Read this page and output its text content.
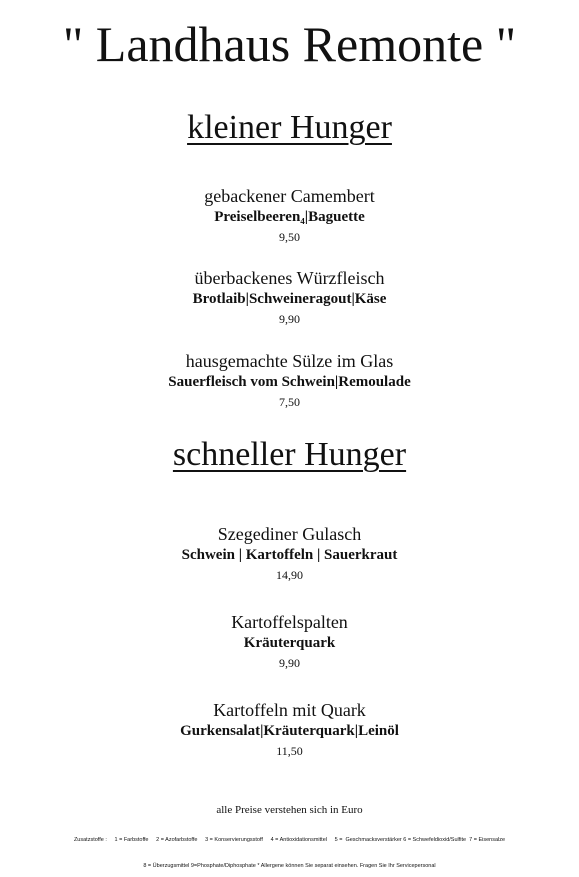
" Landhaus Remonte "
kleiner Hunger
gebackener Camembert
Preiselbeeren₄|Baguette
9,50
überbackenes Würzfleisch
Brotlaib|Schweineragout|Käse
9,90
hausgemachte Sülze im Glas
Sauerfleisch vom Schwein|Remoulade
7,50
schneller Hunger
Szegediner Gulasch
Schwein | Kartoffeln | Sauerkraut
14,90
Kartoffelspalten
Kräuterquark
9,90
Kartoffeln mit Quark
Gurkensalat|Kräuterquark|Leinöl
11,50
alle Preise verstehen sich in Euro
Zusatzstoffe :     1 = Farbstoffe     2 = Azofarbstoffe     3 = Konservierungsstoff     4 = Antioxidationsmittel     5 =  Geschmacksverstärker 6 = Schwefeldioxid/Sulfite  7 = Eisensalze
8 = Überzugsmittel 9=Phosphate/Diphosphate * Allergene können Sie separat einsehen. Fragen Sie Ihr Servicepersonal
